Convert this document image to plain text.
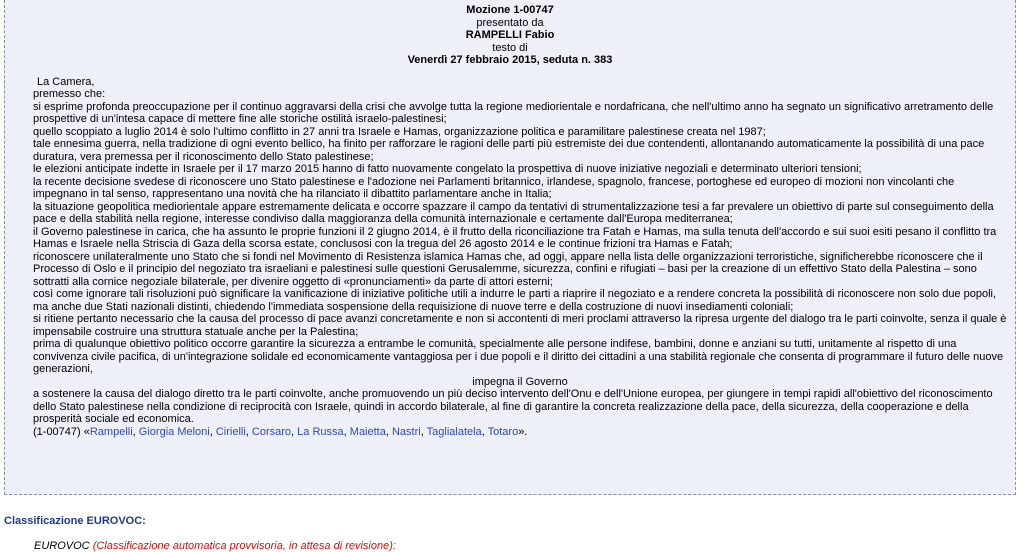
Mozione 1-00747
presentato da
RAMPELLI Fabio
testo di
Venerdì 27 febbraio 2015, seduta n. 383

La Camera,

premesso che:

si esprime profonda preoccupazione per il continuo aggravarsi della crisi che avvolge tutta la regione mediorientale e nordafricana, che nell'ultimo anno ha segnato un significativo arretramento delle prospettive di un'intesa capace di mettere fine alle storiche ostilità israelo-palestinesi;

quello scoppiato a luglio 2014 è solo l'ultimo conflitto in 27 anni tra Israele e Hamas, organizzazione politica e paramilitare palestinese creata nel 1987;

tale ennesima guerra, nella tradizione di ogni evento bellico, ha finito per rafforzare le ragioni delle parti più estremiste dei due contendenti, allontanando automaticamente la possibilità di una pace duratura, vera premessa per il riconoscimento dello Stato palestinese;

le elezioni anticipate indette in Israele per il 17 marzo 2015 hanno di fatto nuovamente congelato la prospettiva di nuove iniziative negoziali e determinato ulteriori tensioni;

la recente decisione svedese di riconoscere uno Stato palestinese e l'adozione nei Parlamenti britannico, irlandese, spagnolo, francese, portoghese ed europeo di mozioni non vincolanti che impegnano in tal senso, rappresentano una novità che ha rilanciato il dibattito parlamentare anche in Italia;

la situazione geopolitica mediorientale appare estremamente delicata e occorre spazzare il campo da tentativi di strumentalizzazione tesi a far prevalere un obiettivo di parte sul conseguimento della pace e della stabilità nella regione, interesse condiviso dalla maggioranza della comunità internazionale e certamente dall'Europa mediterranea;

il Governo palestinese in carica, che ha assunto le proprie funzioni il 2 giugno 2014, è il frutto della riconciliazione tra Fatah e Hamas, ma sulla tenuta dell'accordo e sui suoi esiti pesano il conflitto tra Hamas e Israele nella Striscia di Gaza della scorsa estate, conclusosi con la tregua del 26 agosto 2014 e le continue frizioni tra Hamas e Fatah;

riconoscere unilateralmente uno Stato che si fondi nel Movimento di Resistenza islamica Hamas che, ad oggi, appare nella lista delle organizzazioni terroristiche, significherebbe riconoscere che il Processo di Oslo e il principio del negoziato tra israeliani e palestinesi sulle questioni Gerusalemme, sicurezza, confini e rifugiati – basi per la creazione di un effettivo Stato della Palestina – sono sottratti alla cornice negoziale bilaterale, per divenire oggetto di «pronunciamenti» da parte di attori esterni;

così come ignorare tali risoluzioni può significare la vanificazione di iniziative politiche utili a indurre le parti a riaprire il negoziato e a rendere concreta la possibilità di riconoscere non solo due popoli, ma anche due Stati nazionali distinti, chiedendo l'immediata sospensione della requisizione di nuove terre e della costruzione di nuovi insediamenti coloniali;

si ritiene pertanto necessario che la causa del processo di pace avanzi concretamente e non si accontenti di meri proclami attraverso la ripresa urgente del dialogo tra le parti coinvolte, senza il quale è impensabile costruire una struttura statuale anche per la Palestina;

prima di qualunque obiettivo politico occorre garantire la sicurezza a entrambe le comunità, specialmente alle persone indifese, bambini, donne e anziani su tutti, unitamente al rispetto di una convivenza civile pacifica, di un'integrazione solidale ed economicamente vantaggiosa per i due popoli e il diritto dei cittadini a una stabilità regionale che consenta di programmare il futuro delle nuove generazioni,

impegna il Governo

a sostenere la causa del dialogo diretto tra le parti coinvolte, anche promuovendo un più deciso intervento dell'Onu e dell'Unione europea, per giungere in tempi rapidi all'obiettivo del riconoscimento dello Stato palestinese nella condizione di reciprocità con Israele, quindi in accordo bilaterale, al fine di garantire la concreta realizzazione della pace, della sicurezza, della cooperazione e della prosperità sociale ed economica.

(1-00747) «Rampelli, Giorgia Meloni, Cirielli, Corsaro, La Russa, Maietta, Nastri, Taglialatela, Totaro».

Classificazione EUROVOC:
EUROVOC (Classificazione automatica provvisoria, in attesa di revisione):
